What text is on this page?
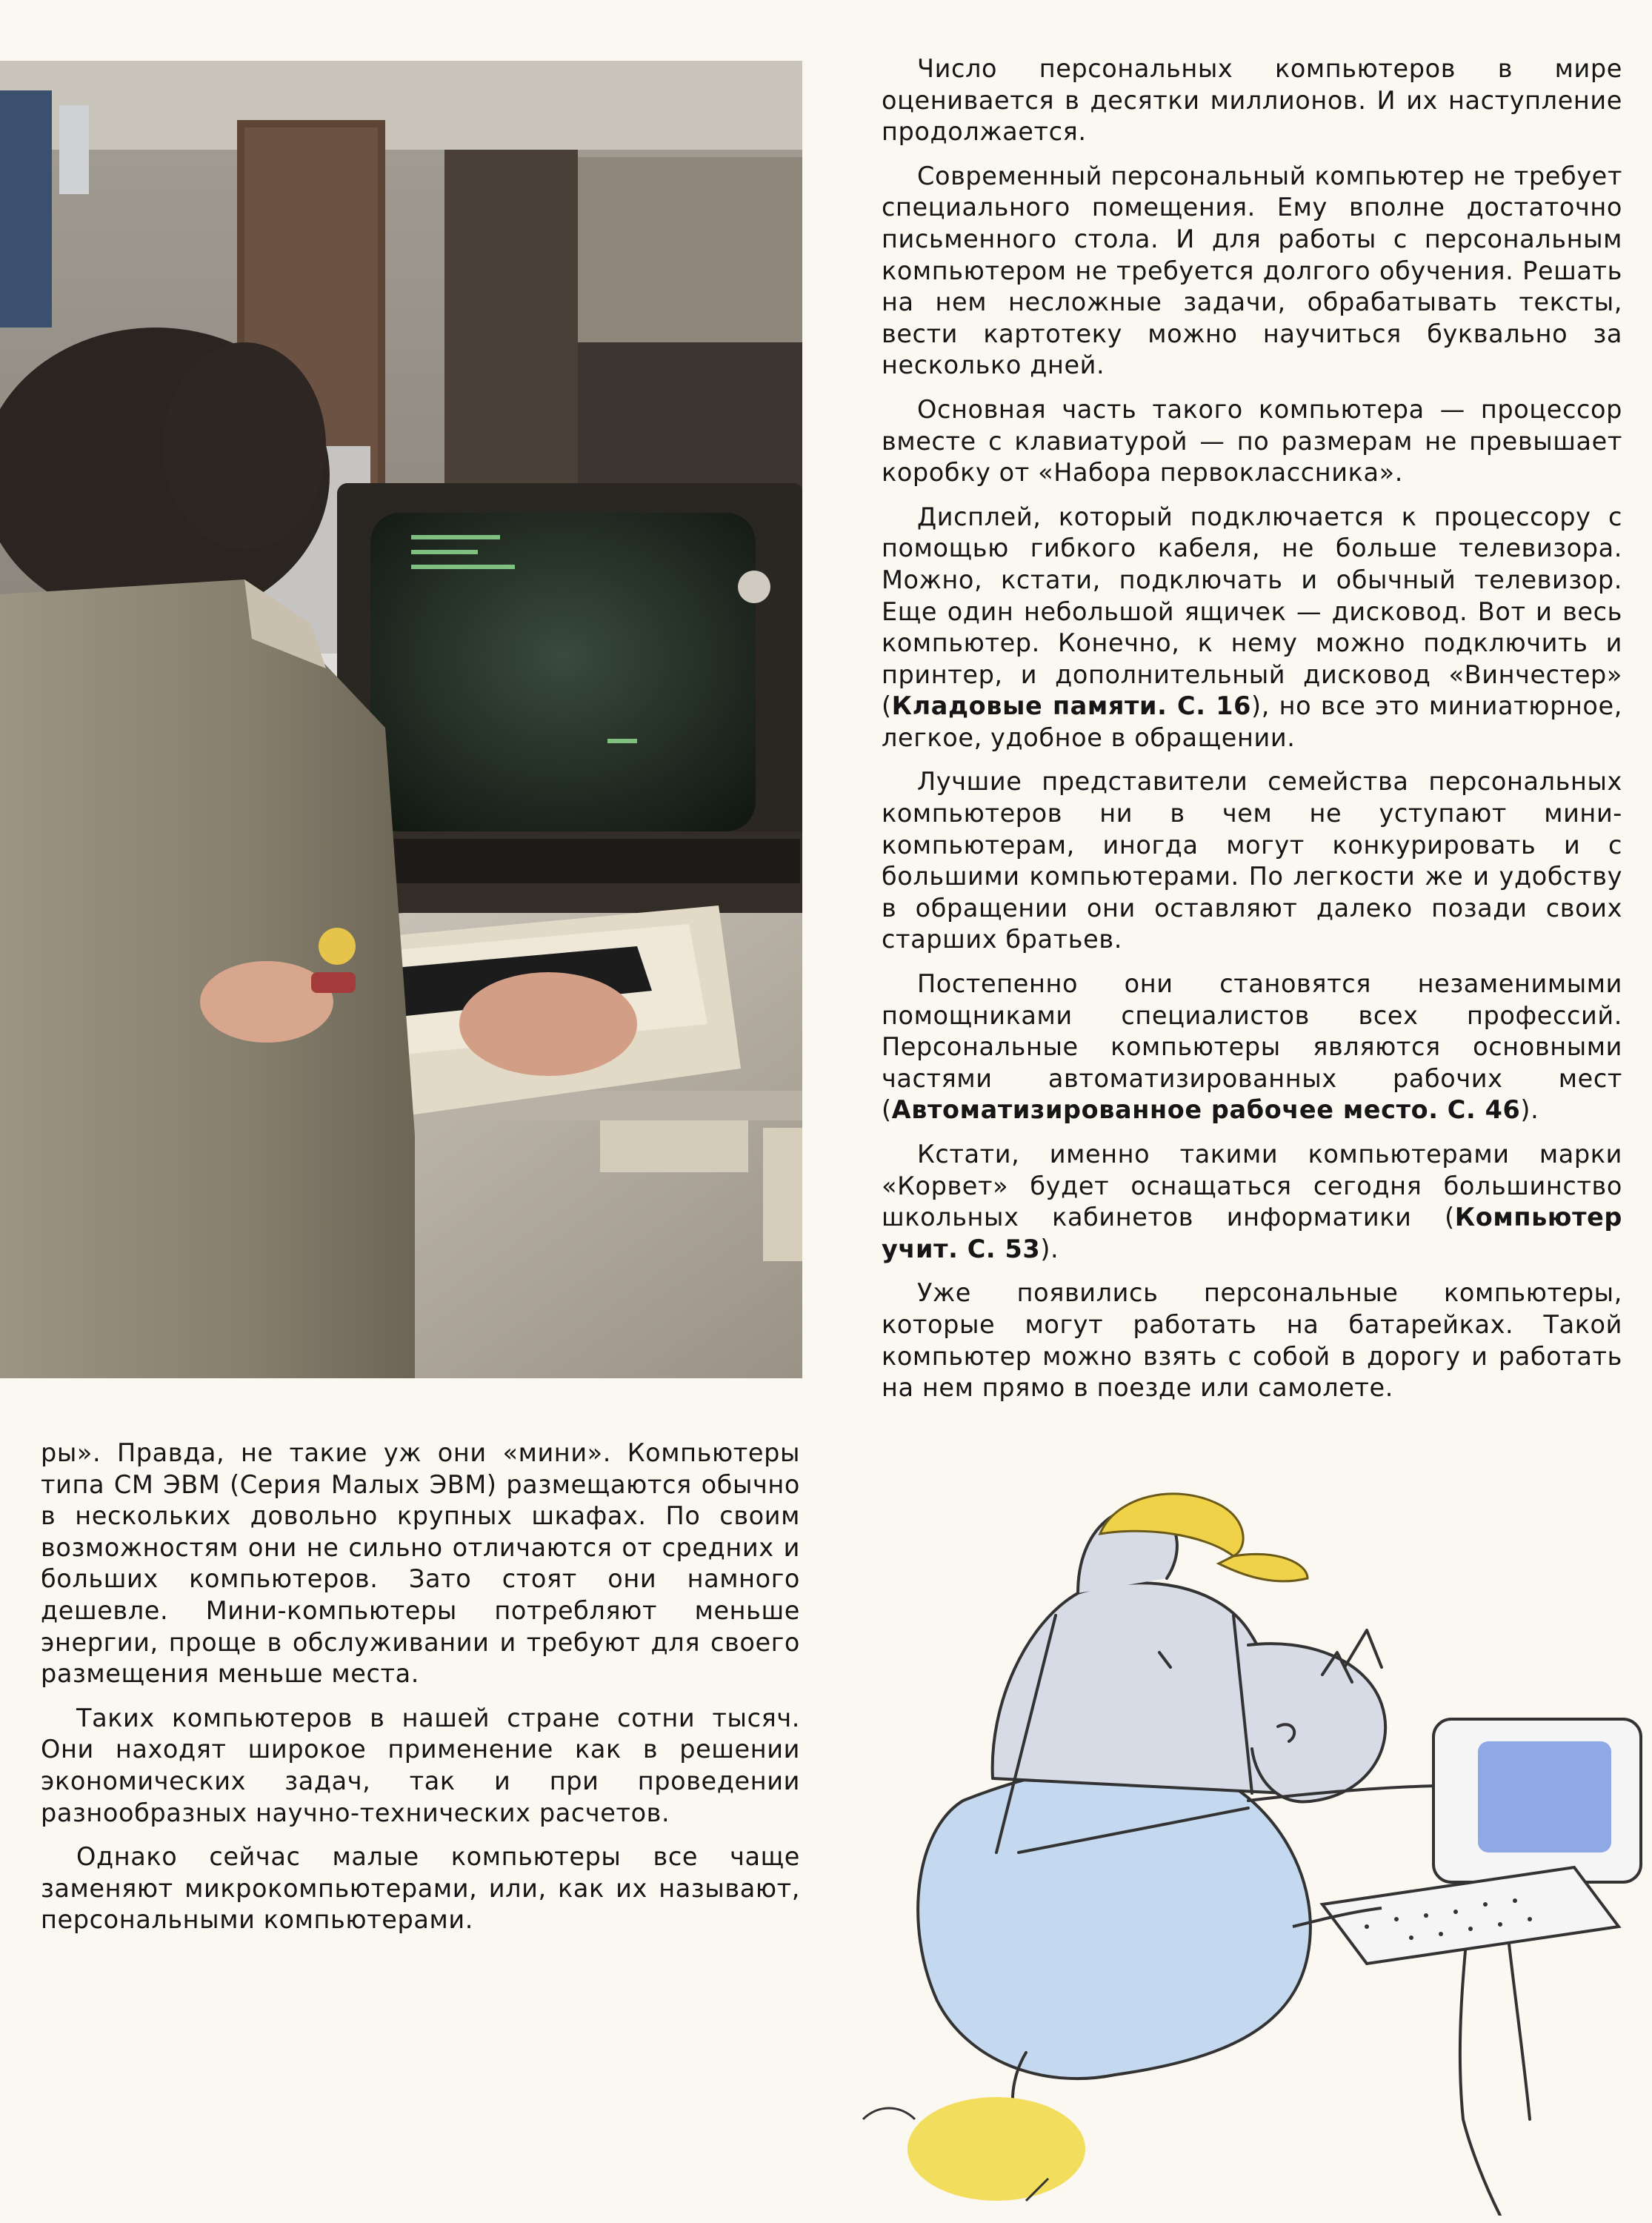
Число персональных компьютеров в мире оценивается в десятки миллионов. И их наступление продолжается.

Современный персональный компьютер не требует специального помещения. Ему вполне достаточно письменного стола. И для работы с персональным компьютером не требуется долгого обучения. Решать на нем несложные задачи, обрабатывать тексты, вести картотеку можно научиться буквально за несколько дней.

Основная часть такого компьютера — процессор вместе с клавиатурой — по размерам не превышает коробку от «Набора первоклассника».

Дисплей, который подключается к процессору с помощью гибкого кабеля, не больше телевизора. Можно, кстати, подключать и обычный телевизор. Еще один небольшой ящичек — дисковод. Вот и весь компьютер. Конечно, к нему можно подключить и принтер, и дополнительный дисковод «Винчестер» (Кладовые памяти. С. 16), но все это миниатюрное, легкое, удобное в обращении.

Лучшие представители семейства персональных компьютеров ни в чем не уступают мини-компьютерам, иногда могут конкурировать и с большими компьютерами. По легкости же и удобству в обращении они оставляют далеко позади своих старших братьев.

Постепенно они становятся незаменимыми помощниками специалистов всех профессий. Персональные компьютеры являются основными частями автоматизированных рабочих мест (Автоматизированное рабочее место. С. 46).

Кстати, именно такими компьютерами марки «Корвет» будет оснащаться сегодня большинство школьных кабинетов информатики (Компьютер учит. С. 53).

Уже появились персональные компьютеры, которые могут работать на батарейках. Такой компьютер можно взять с собой в дорогу и работать на нем прямо в поезде или самолете.

ры». Правда, не такие уж они «мини». Компьютеры типа СМ ЭВМ (Серия Малых ЭВМ) размещаются обычно в нескольких довольно крупных шкафах. По своим возможностям они не сильно отличаются от средних и больших компьютеров. Зато стоят они намного дешевле. Мини-компьютеры потребляют меньше энергии, проще в обслуживании и требуют для своего размещения меньше места.

Таких компьютеров в нашей стране сотни тысяч. Они находят широкое применение как в решении экономических задач, так и при проведении разнообразных научно-технических расчетов.

Однако сейчас малые компьютеры все чаще заменяют микрокомпьютерами, или, как их называют, персональными компьютерами.
